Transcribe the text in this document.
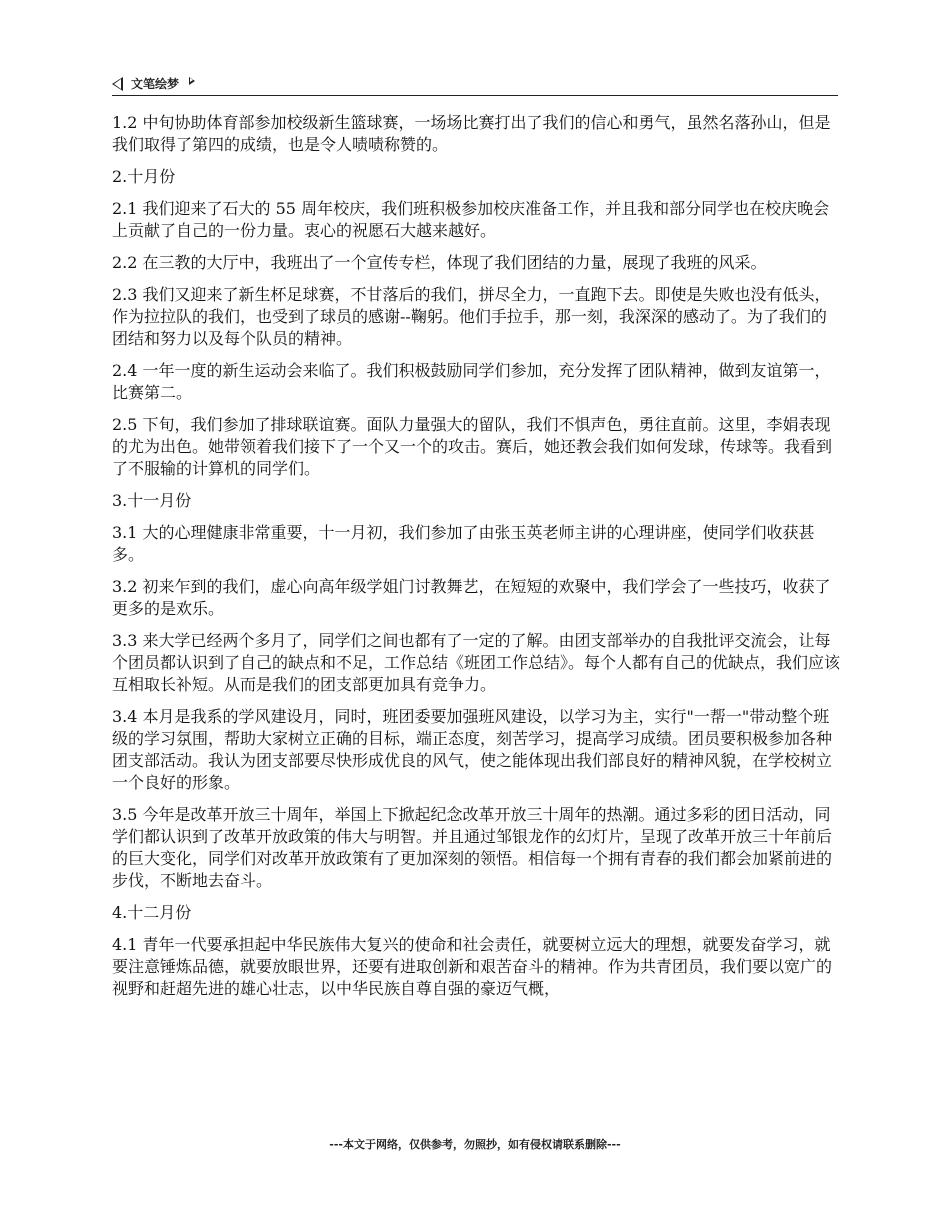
文笔绘梦

1.2 中旬协助体育部参加校级新生篮球赛，一场场比赛打出了我们的信心和勇气，虽然名落孙山，但是我们取得了第四的成绩，也是令人啧啧称赞的。

2.十月份

2.1 我们迎来了石大的 55 周年校庆，我们班积极参加校庆准备工作，并且我和部分同学也在校庆晚会上贡献了自己的一份力量。衷心的祝愿石大越来越好。

2.2 在三教的大厅中，我班出了一个宣传专栏，体现了我们团结的力量，展现了我班的风采。

2.3 我们又迎来了新生杯足球赛，不甘落后的我们，拼尽全力，一直跑下去。即使是失败也没有低头，作为拉拉队的我们，也受到了球员的感谢--鞠躬。他们手拉手，那一刻，我深深的感动了。为了我们的团结和努力以及每个队员的精神。

2.4 一年一度的新生运动会来临了。我们积极鼓励同学们参加，充分发挥了团队精神，做到友谊第一，比赛第二。

2.5 下旬，我们参加了排球联谊赛。面队力量强大的留队，我们不惧声色，勇往直前。这里，李娟表现的尤为出色。她带领着我们接下了一个又一个的攻击。赛后，她还教会我们如何发球，传球等。我看到了不服输的计算机的同学们。

3.十一月份

3.1 大的心理健康非常重要，十一月初，我们参加了由张玉英老师主讲的心理讲座，使同学们收获甚多。

3.2 初来乍到的我们，虚心向高年级学姐门讨教舞艺，在短短的欢聚中，我们学会了一些技巧，收获了更多的是欢乐。

3.3 来大学已经两个多月了，同学们之间也都有了一定的了解。由团支部举办的自我批评交流会，让每个团员都认识到了自己的缺点和不足，工作总结《班团工作总结》。每个人都有自己的优缺点，我们应该互相取长补短。从而是我们的团支部更加具有竞争力。

3.4 本月是我系的学风建设月，同时，班团委要加强班风建设，以学习为主，实行"一帮一"带动整个班级的学习氛围，帮助大家树立正确的目标，端正态度，刻苦学习，提高学习成绩。团员要积极参加各种团支部活动。我认为团支部要尽快形成优良的风气，使之能体现出我们部良好的精神风貌，在学校树立一个良好的形象。

3.5 今年是改革开放三十周年，举国上下掀起纪念改革开放三十周年的热潮。通过多彩的团日活动，同学们都认识到了改革开放政策的伟大与明智。并且通过邹银龙作的幻灯片，呈现了改革开放三十年前后的巨大变化，同学们对改革开放政策有了更加深刻的领悟。相信每一个拥有青春的我们都会加紧前进的步伐，不断地去奋斗。

4.十二月份

4.1 青年一代要承担起中华民族伟大复兴的使命和社会责任，就要树立远大的理想，就要发奋学习，就要注意锤炼品德，就要放眼世界，还要有进取创新和艰苦奋斗的精神。作为共青团员，我们要以宽广的视野和赶超先进的雄心壮志，以中华民族自尊自强的豪迈气概，

---本文于网络，仅供参考，勿照抄，如有侵权请联系删除---
